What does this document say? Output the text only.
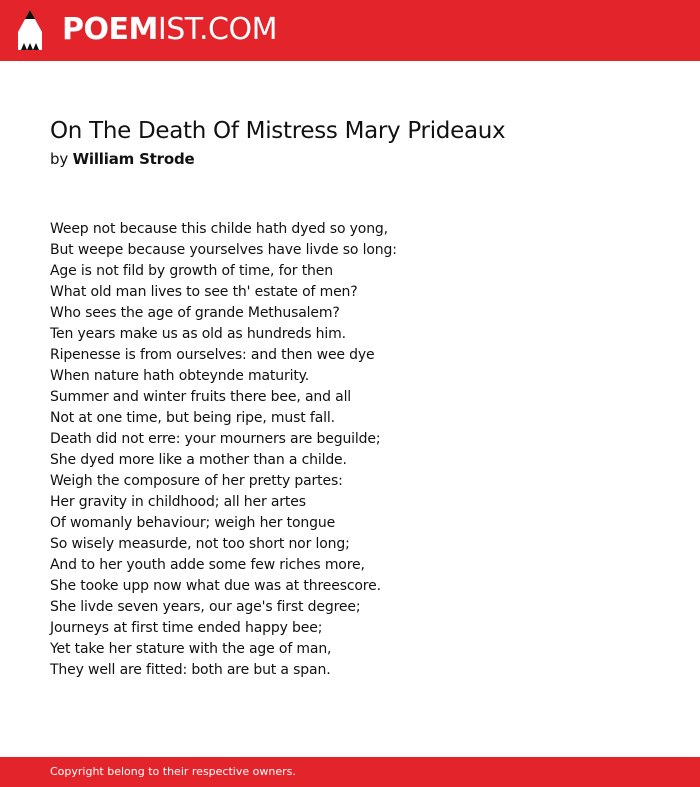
POEMIST.COM
On The Death Of Mistress Mary Prideaux
by William Strode
Weep not because this childe hath dyed so yong,
But weepe because yourselves have livde so long:
Age is not fild by growth of time, for then
What old man lives to see th' estate of men?
Who sees the age of grande Methusalem?
Ten years make us as old as hundreds him.
Ripenesse is from ourselves: and then wee dye
When nature hath obteynde maturity.
Summer and winter fruits there bee, and all
Not at one time, but being ripe, must fall.
Death did not erre: your mourners are beguilde;
She dyed more like a mother than a childe.
Weigh the composure of her pretty partes:
Her gravity in childhood; all her artes
Of womanly behaviour; weigh her tongue
So wisely measurde, not too short nor long;
And to her youth adde some few riches more,
She tooke upp now what due was at threescore.
She livde seven years, our age's first degree;
Journeys at first time ended happy bee;
Yet take her stature with the age of man,
They well are fitted: both are but a span.
Copyright belong to their respective owners.
